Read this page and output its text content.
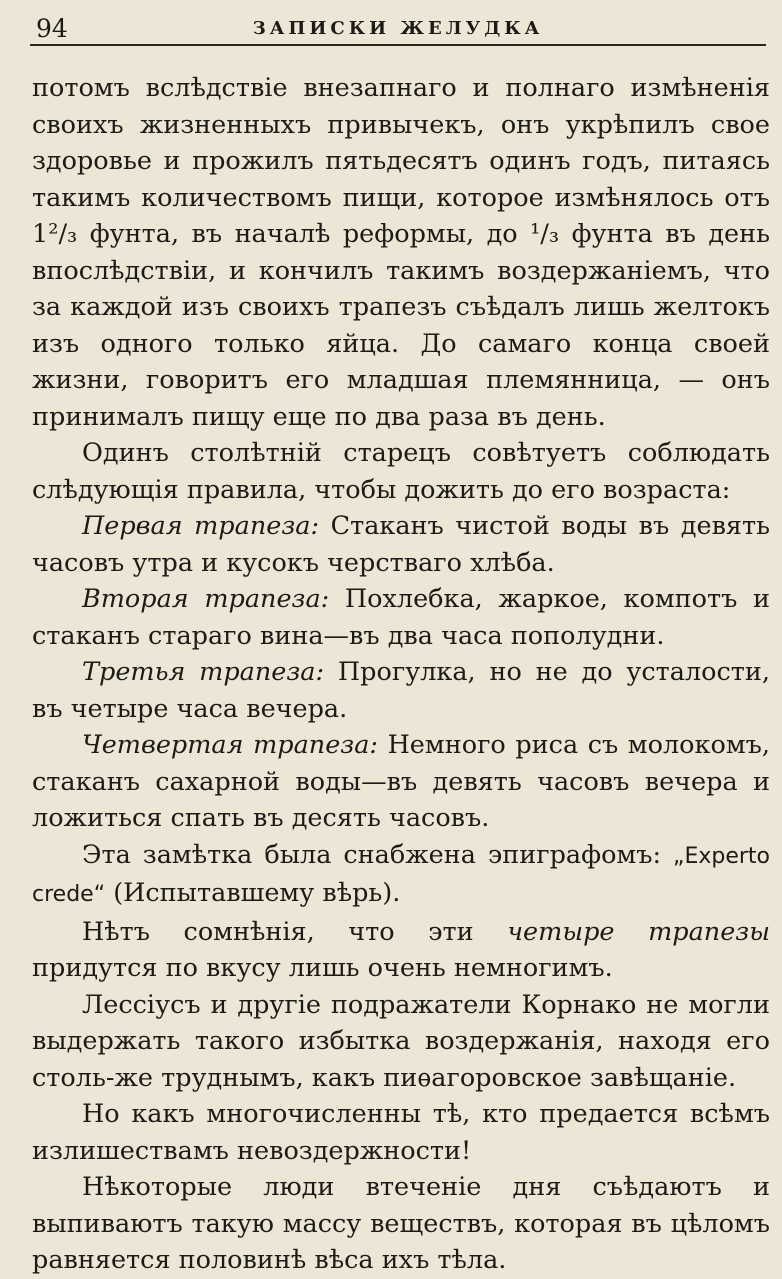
94	ЗАПИСКИ ЖЕЛУДКА

потомъ вслѣдствіе внезапнаго и полнаго измѣненія своихъ жизненныхъ привычекъ, онъ укрѣпилъ свое здоровье и прожилъ пятьдесятъ одинъ годъ, питаясь такимъ количествомъ пищи, которое измѣнялось отъ 1²/₃ фунта, въ началѣ реформы, до ¹/₃ фунта въ день впослѣдствіи, и кончилъ такимъ воздержаніемъ, что за каждой изъ своихъ трапезъ съѣдалъ лишь желтокъ изъ одного только яйца. До самаго конца своей жизни, говоритъ его младшая племянница, — онъ принималъ пищу еще по два раза въ день.

Одинъ столѣтній старецъ совѣтуетъ соблюдать слѣдующія правила, чтобы дожить до его возраста:

Первая трапеза: Стаканъ чистой воды въ девять часовъ утра и кусокъ черстваго хлѣба.

Вторая трапеза: Похлебка, жаркое, компотъ и стаканъ стараго вина—въ два часа пополудни.

Третья трапеза: Прогулка, но не до усталости, въ четыре часа вечера.

Четвертая трапеза: Немного риса съ молокомъ, стаканъ сахарной воды—въ девять часовъ вечера и ложиться спать въ десять часовъ.

Эта замѣтка была снабжена эпиграфомъ: „Experto crede“ (Испытавшему вѣрь).

Нѣтъ сомнѣнія, что эти четыре трапезы придутся по вкусу лишь очень немногимъ.

Лессіусъ и другіе подражатели Корнако не могли выдержать такого избытка воздержанія, находя его столь-же труднымъ, какъ пиѳагоровское завѣщаніе.

Но какъ многочисленны тѣ, кто предается всѣмъ излишествамъ невоздержности!

Нѣкоторые люди втеченіе дня съѣдаютъ и выпиваютъ такую массу веществъ, которая въ цѣломъ равняется половинѣ вѣса ихъ тѣла.
